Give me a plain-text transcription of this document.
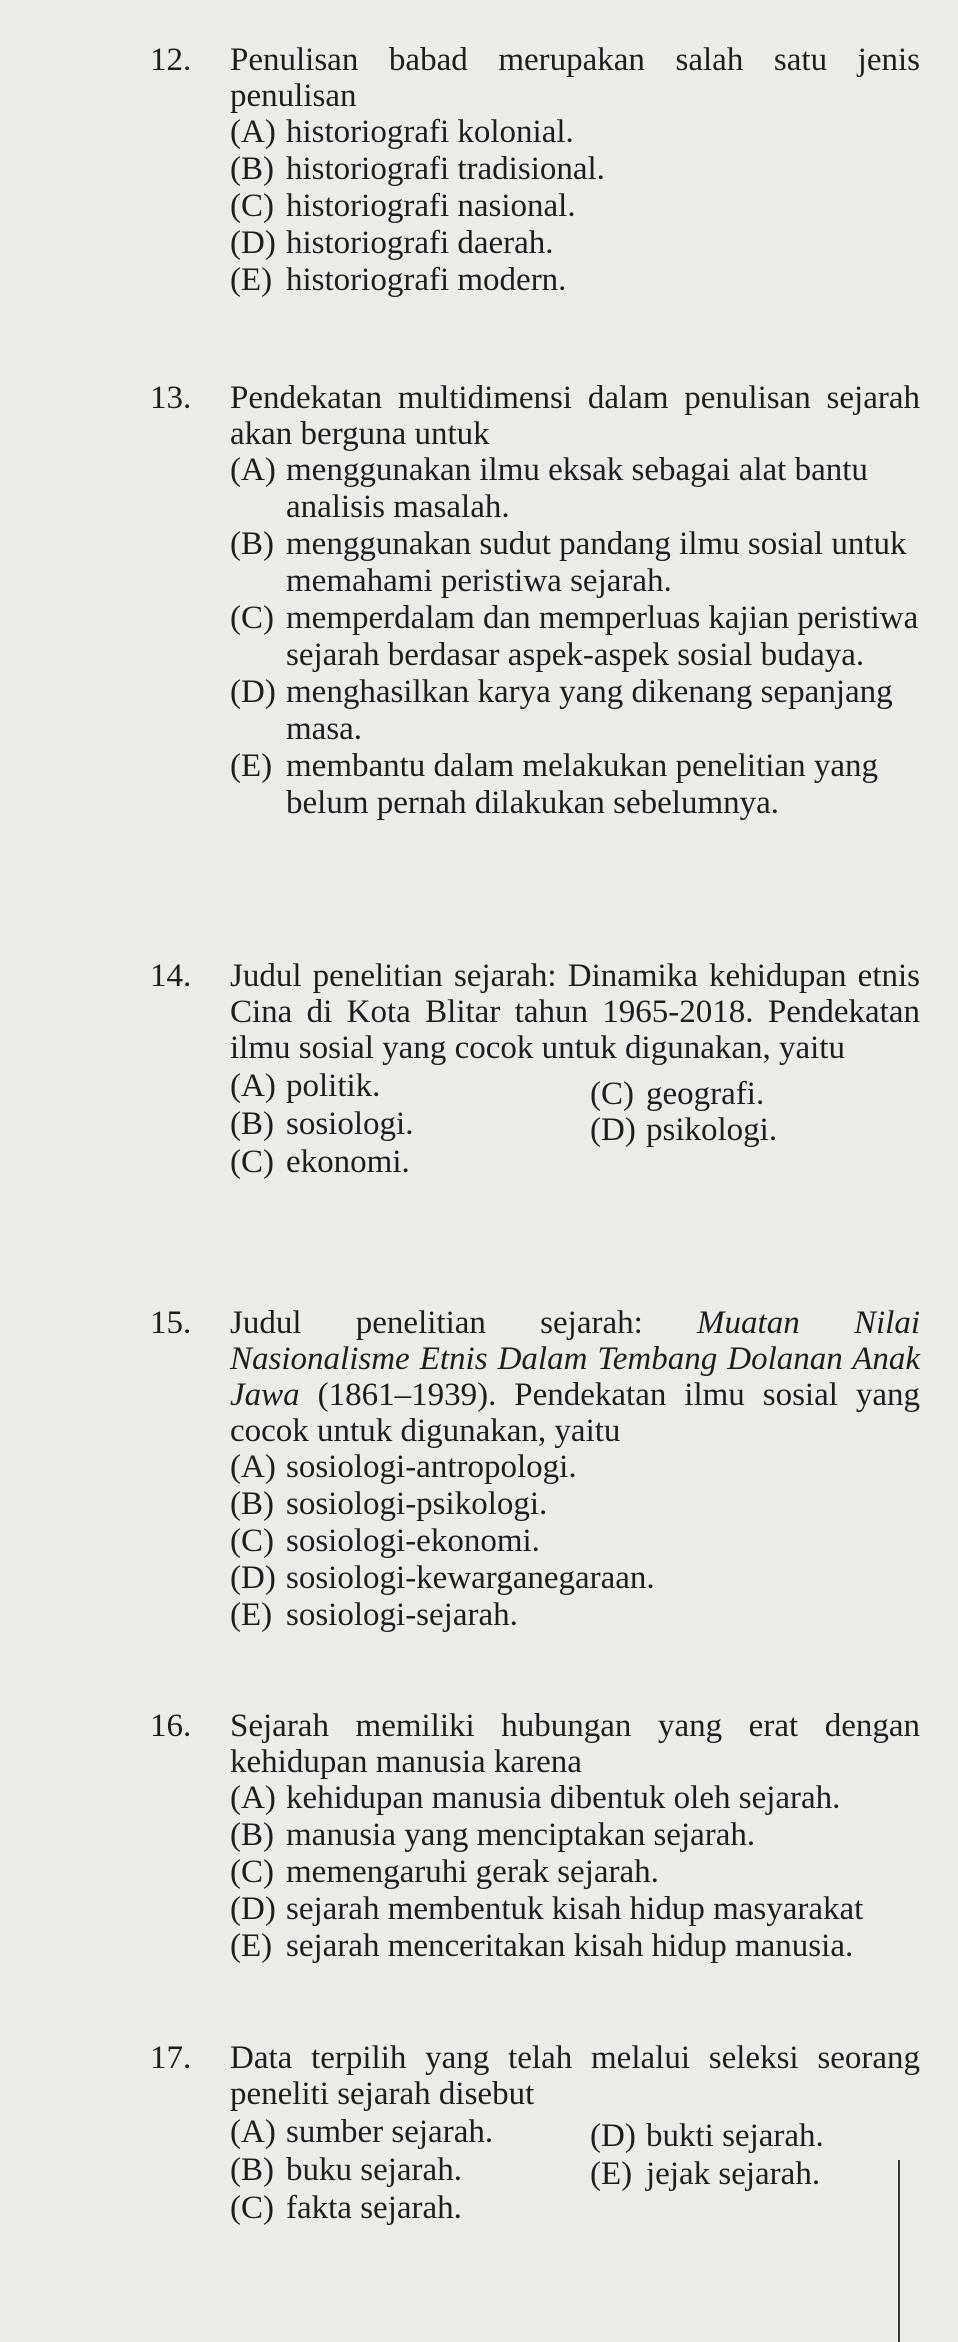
12. Penulisan babad merupakan salah satu jenis penulisan
(A) historiografi kolonial.
(B) historiografi tradisional.
(C) historiografi nasional.
(D) historiografi daerah.
(E) historiografi modern.
13. Pendekatan multidimensi dalam penulisan sejarah akan berguna untuk
(A) menggunakan ilmu eksak sebagai alat bantu analisis masalah.
(B) menggunakan sudut pandang ilmu sosial untuk memahami peristiwa sejarah.
(C) memperdalam dan memperluas kajian peristiwa sejarah berdasar aspek-aspek sosial budaya.
(D) menghasilkan karya yang dikenang sepanjang masa.
(E) membantu dalam melakukan penelitian yang belum pernah dilakukan sebelumnya.
14. Judul penelitian sejarah: Dinamika kehidupan etnis Cina di Kota Blitar tahun 1965-2018. Pendekatan ilmu sosial yang cocok untuk digunakan, yaitu
(A) politik.	(C) geografi.
(B) sosiologi.	(D) psikologi.
(C) ekonomi.
15. Judul penelitian sejarah: Muatan Nilai Nasionalisme Etnis Dalam Tembang Dolanan Anak Jawa (1861–1939). Pendekatan ilmu sosial yang cocok untuk digunakan, yaitu
(A) sosiologi-antropologi.
(B) sosiologi-psikologi.
(C) sosiologi-ekonomi.
(D) sosiologi-kewarganegaraan.
(E) sosiologi-sejarah.
16. Sejarah memiliki hubungan yang erat dengan kehidupan manusia karena
(A) kehidupan manusia dibentuk oleh sejarah.
(B) manusia yang menciptakan sejarah.
(C) memengaruhi gerak sejarah.
(D) sejarah membentuk kisah hidup masyarakat
(E) sejarah menceritakan kisah hidup manusia.
17. Data terpilih yang telah melalui seleksi seorang peneliti sejarah disebut
(A) sumber sejarah.	(D) bukti sejarah.
(B) buku sejarah.	(E) jejak sejarah.
(C) fakta sejarah.
